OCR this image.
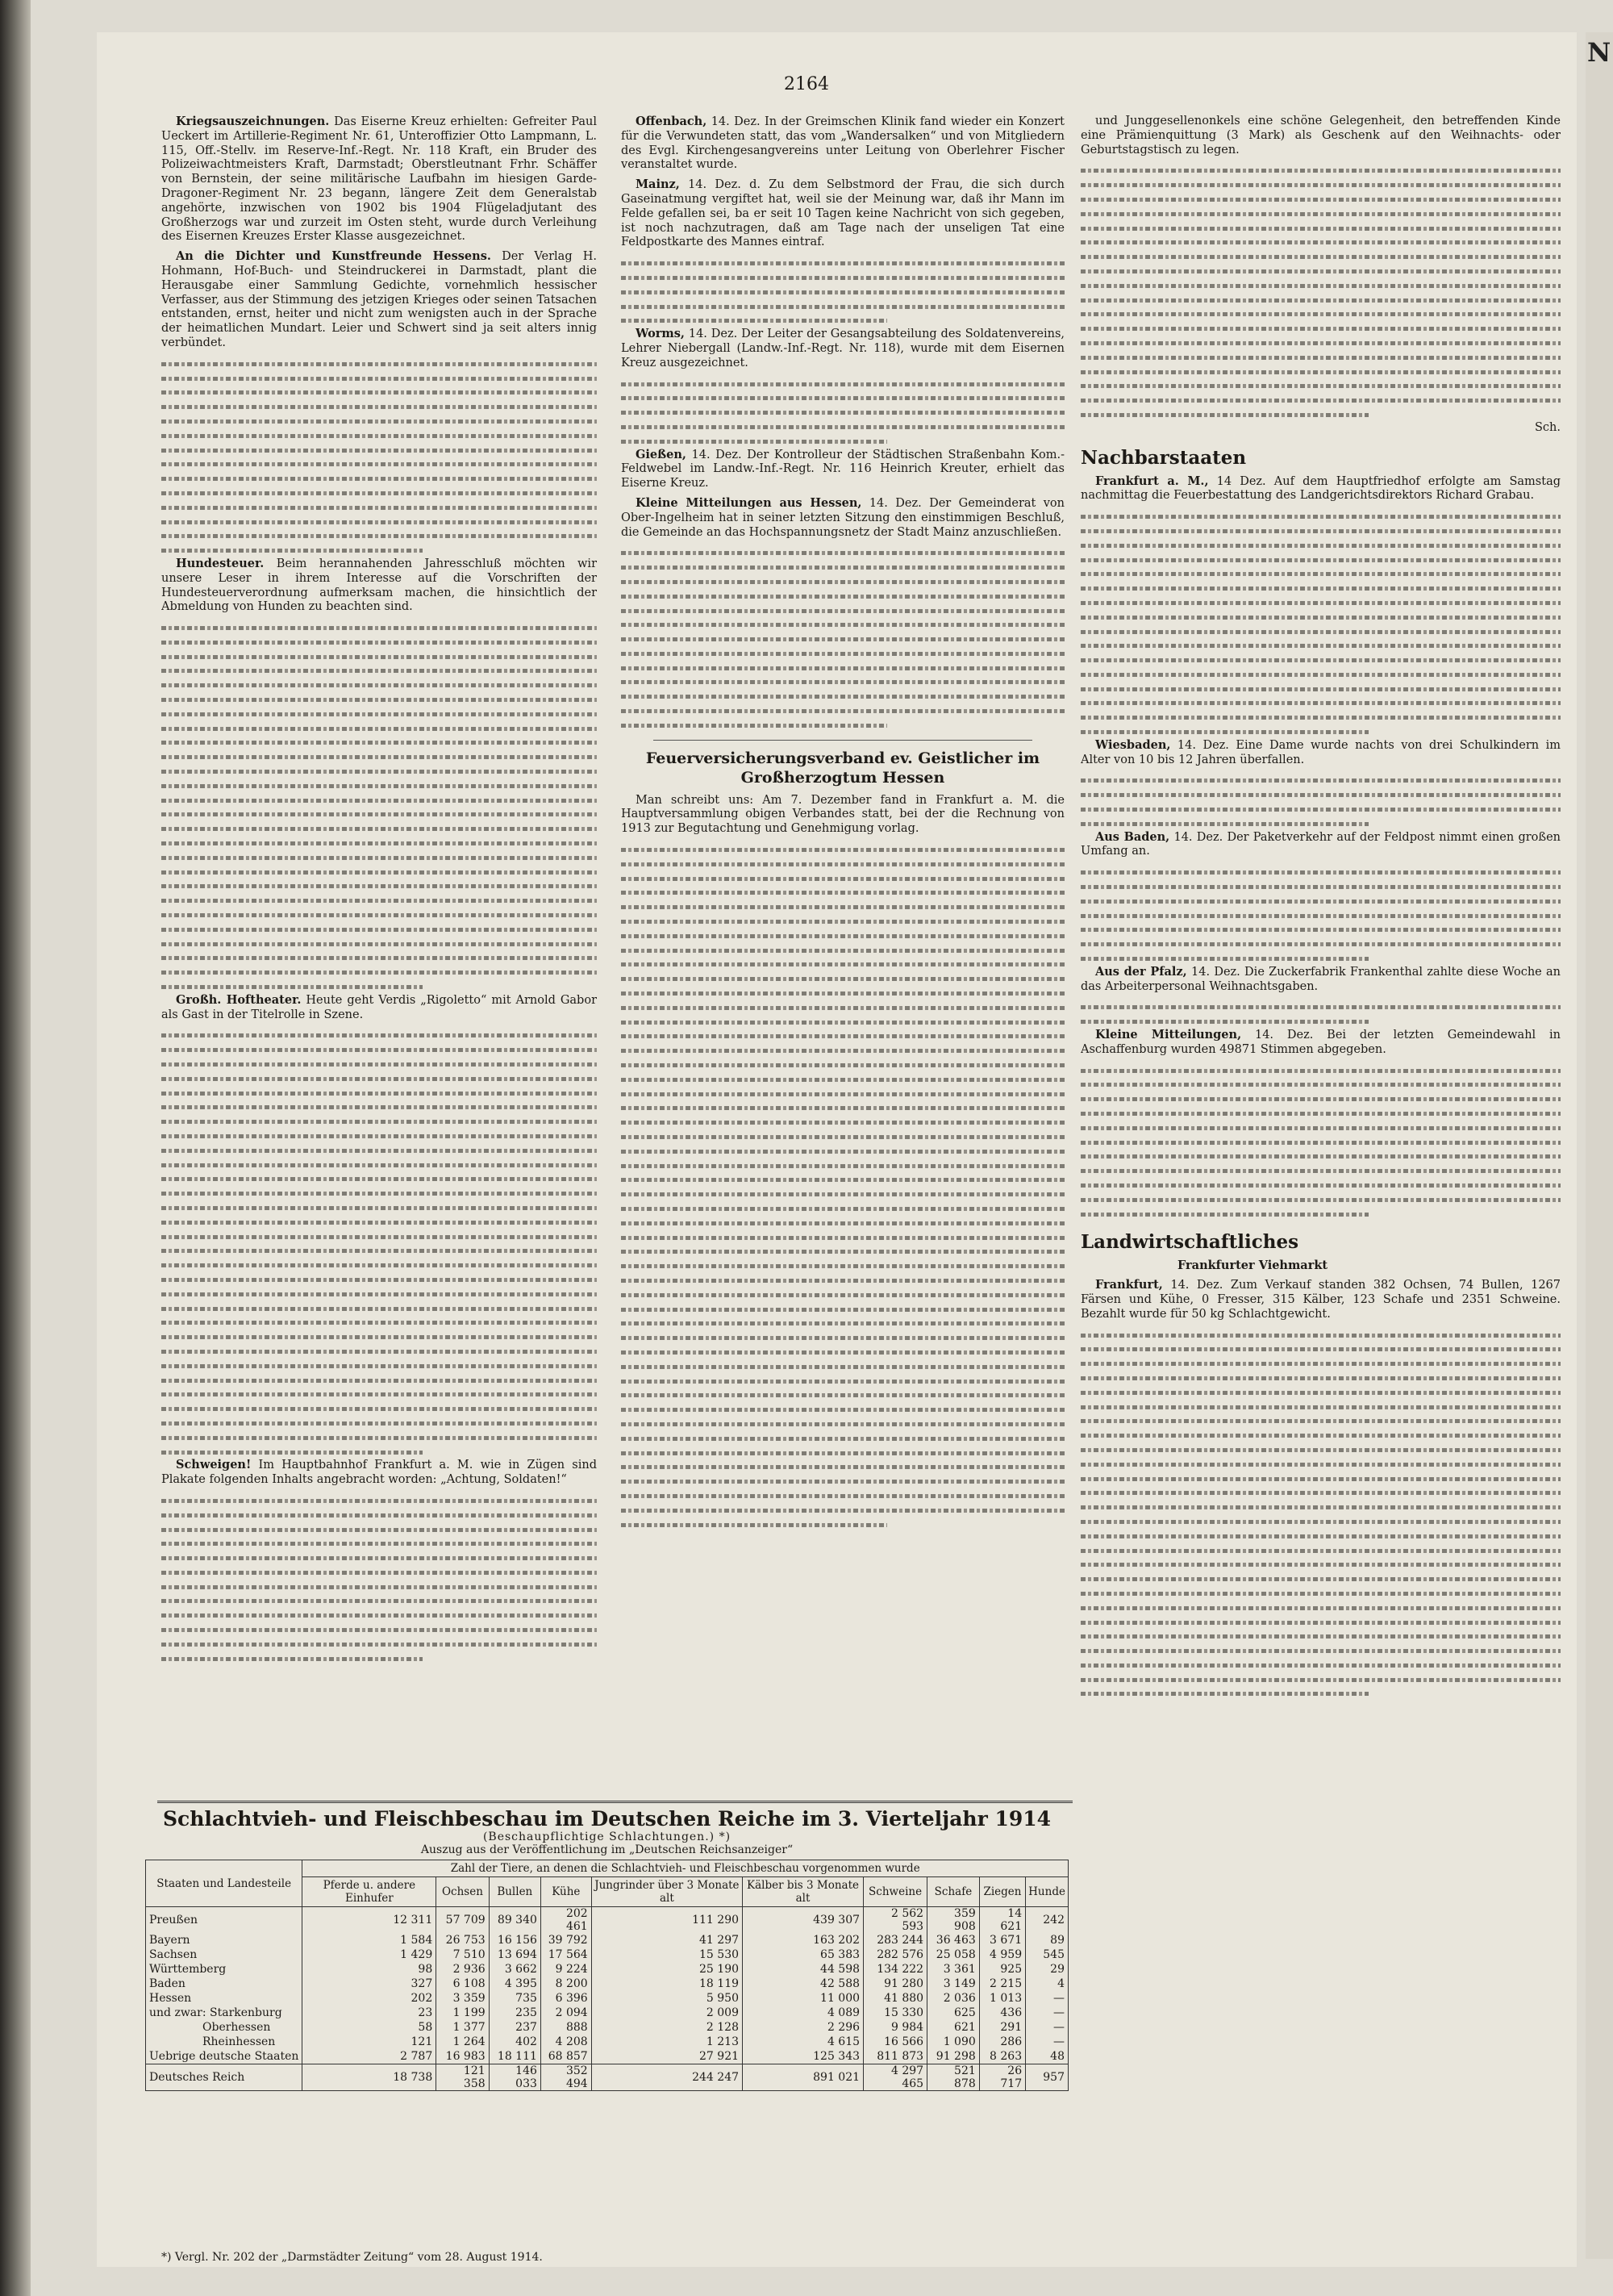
N
2164

Kriegsauszeichnungen. Das Eiserne Kreuz erhielten: Gefreiter Paul Ueckert im Artillerie-Regiment Nr. 61, Unteroffizier Otto Lampmann, L. 115, Off.-Stellv. im Reserve-Inf.-Regt. Nr. 118 Kraft, ein Bruder des Polizeiwachtmeisters Kraft, Darmstadt; Oberstleutnant Frhr. Schäffer von Bernstein, der seine militärische Laufbahn im hiesigen Garde-Dragoner-Regiment Nr. 23 begann, längere Zeit dem Generalstab angehörte, inzwischen von 1902 bis 1904 Flügeladjutant des Großherzogs war und zurzeit im Osten steht, wurde durch Verleihung des Eisernen Kreuzes Erster Klasse ausgezeichnet.

An die Dichter und Kunstfreunde Hessens. Der Verlag H. Hohmann, Hof-Buch- und Steindruckerei in Darmstadt, plant die Herausgabe einer Sammlung Gedichte, vornehmlich hessischer Verfasser, aus der Stimmung des jetzigen Krieges oder seinen Tatsachen entstanden, ernst, heiter und nicht zum wenigsten auch in der Sprache der heimatlichen Mundart. Leier und Schwert sind ja seit alters innig verbündet.

Hundesteuer. Beim herannahenden Jahresschluß möchten wir unsere Leser in ihrem Interesse auf die Vorschriften der Hundesteuerverordnung aufmerksam machen, die hinsichtlich der Abmeldung von Hunden zu beachten sind.

Großh. Hoftheater. Heute geht Verdis „Rigoletto“ mit Arnold Gabor als Gast in der Titelrolle in Szene.

Schweigen! Im Hauptbahnhof Frankfurt a. M. wie in Zügen sind Plakate folgenden Inhalts angebracht worden: „Achtung, Soldaten!“

Offenbach, 14. Dez. In der Greimschen Klinik fand wieder ein Konzert für die Verwundeten statt, das vom „Wandersalken“ und von Mitgliedern des Evgl. Kirchengesangvereins unter Leitung von Oberlehrer Fischer veranstaltet wurde.

Mainz, 14. Dez. d. Zu dem Selbstmord der Frau, die sich durch Gaseinatmung vergiftet hat, weil sie der Meinung war, daß ihr Mann im Felde gefallen sei, ba er seit 10 Tagen keine Nachricht von sich gegeben, ist noch nachzutragen, daß am Tage nach der unseligen Tat eine Feldpostkarte des Mannes eintraf.

Worms, 14. Dez. Der Leiter der Gesangsabteilung des Soldatenvereins, Lehrer Niebergall (Landw.-Inf.-Regt. Nr. 118), wurde mit dem Eisernen Kreuz ausgezeichnet.

Gießen, 14. Dez. Der Kontrolleur der Städtischen Straßenbahn Kom.-Feldwebel im Landw.-Inf.-Regt. Nr. 116 Heinrich Kreuter, erhielt das Eiserne Kreuz.

Kleine Mitteilungen aus Hessen, 14. Dez. Der Gemeinderat von Ober-Ingelheim hat in seiner letzten Sitzung den einstimmigen Beschluß, die Gemeinde an das Hochspannungsnetz der Stadt Mainz anzuschließen.

Feuerversicherungsverband ev. Geistlicher im Großherzogtum Hessen

Man schreibt uns: Am 7. Dezember fand in Frankfurt a. M. die Hauptversammlung obigen Verbandes statt, bei der die Rechnung von 1913 zur Begutachtung und Genehmigung vorlag.

und Junggesellenonkels eine schöne Gelegenheit, den betreffenden Kinde eine Prämienquittung (3 Mark) als Geschenk auf den Weihnachts- oder Geburtstagstisch zu legen.

Sch.
Nachbarstaaten

Frankfurt a. M., 14 Dez. Auf dem Hauptfriedhof erfolgte am Samstag nachmittag die Feuerbestattung des Landgerichtsdirektors Richard Grabau.

Wiesbaden, 14. Dez. Eine Dame wurde nachts von drei Schulkindern im Alter von 10 bis 12 Jahren überfallen.

Aus Baden, 14. Dez. Der Paketverkehr auf der Feldpost nimmt einen großen Umfang an.

Aus der Pfalz, 14. Dez. Die Zuckerfabrik Frankenthal zahlte diese Woche an das Arbeiterpersonal Weihnachtsgaben.

Kleine Mitteilungen, 14. Dez. Bei der letzten Gemeindewahl in Aschaffenburg wurden 49871 Stimmen abgegeben.

Landwirtschaftliches
Frankfurter Viehmarkt

Frankfurt, 14. Dez. Zum Verkauf standen 382 Ochsen, 74 Bullen, 1267 Färsen und Kühe, 0 Fresser, 315 Kälber, 123 Schafe und 2351 Schweine. Bezahlt wurde für 50 kg Schlachtgewicht.

Schlachtvieh- und Fleischbeschau im Deutschen Reiche im 3. Vierteljahr 1914
(Beschaupflichtige Schlachtungen.) *)
Auszug aus der Veröffentlichung im „Deutschen Reichsanzeiger“
Staaten und Landesteile	Zahl der Tiere, an denen die Schlachtvieh- und Fleischbeschau vorgenommen wurde									
	Pferde u. andere Einhufer	Ochsen	Bullen	Kühe	Jungrinder über 3 Monate alt	Kälber bis 3 Monate alt	Schweine	Schafe	Ziegen	Hunde
Preußen	12 311	57 709	89 340	202 461	111 290	439 307	2 562 593	359 908	14 621	242
Bayern	1 584	26 753	16 156	39 792	41 297	163 202	283 244	36 463	3 671	89
Sachsen	1 429	7 510	13 694	17 564	15 530	65 383	282 576	25 058	4 959	545
Württemberg	98	2 936	3 662	9 224	25 190	44 598	134 222	3 361	925	29
Baden	327	6 108	4 395	8 200	18 119	42 588	91 280	3 149	2 215	4
Hessen	202	3 359	735	6 396	5 950	11 000	41 880	2 036	1 013	—
und zwar: Starkenburg	23	1 199	235	2 094	2 009	4 089	15 330	625	436	—
Oberhessen	58	1 377	237	888	2 128	2 296	9 984	621	291	—
Rheinhessen	121	1 264	402	4 208	1 213	4 615	16 566	1 090	286	—
Uebrige deutsche Staaten	2 787	16 983	18 111	68 857	27 921	125 343	811 873	91 298	8 263	48
Deutsches Reich	18 738	121 358	146 033	352 494	244 247	891 021	4 297 465	521 878	26 717	957
*) Vergl. Nr. 202 der „Darmstädter Zeitung“ vom 28. August 1914.
